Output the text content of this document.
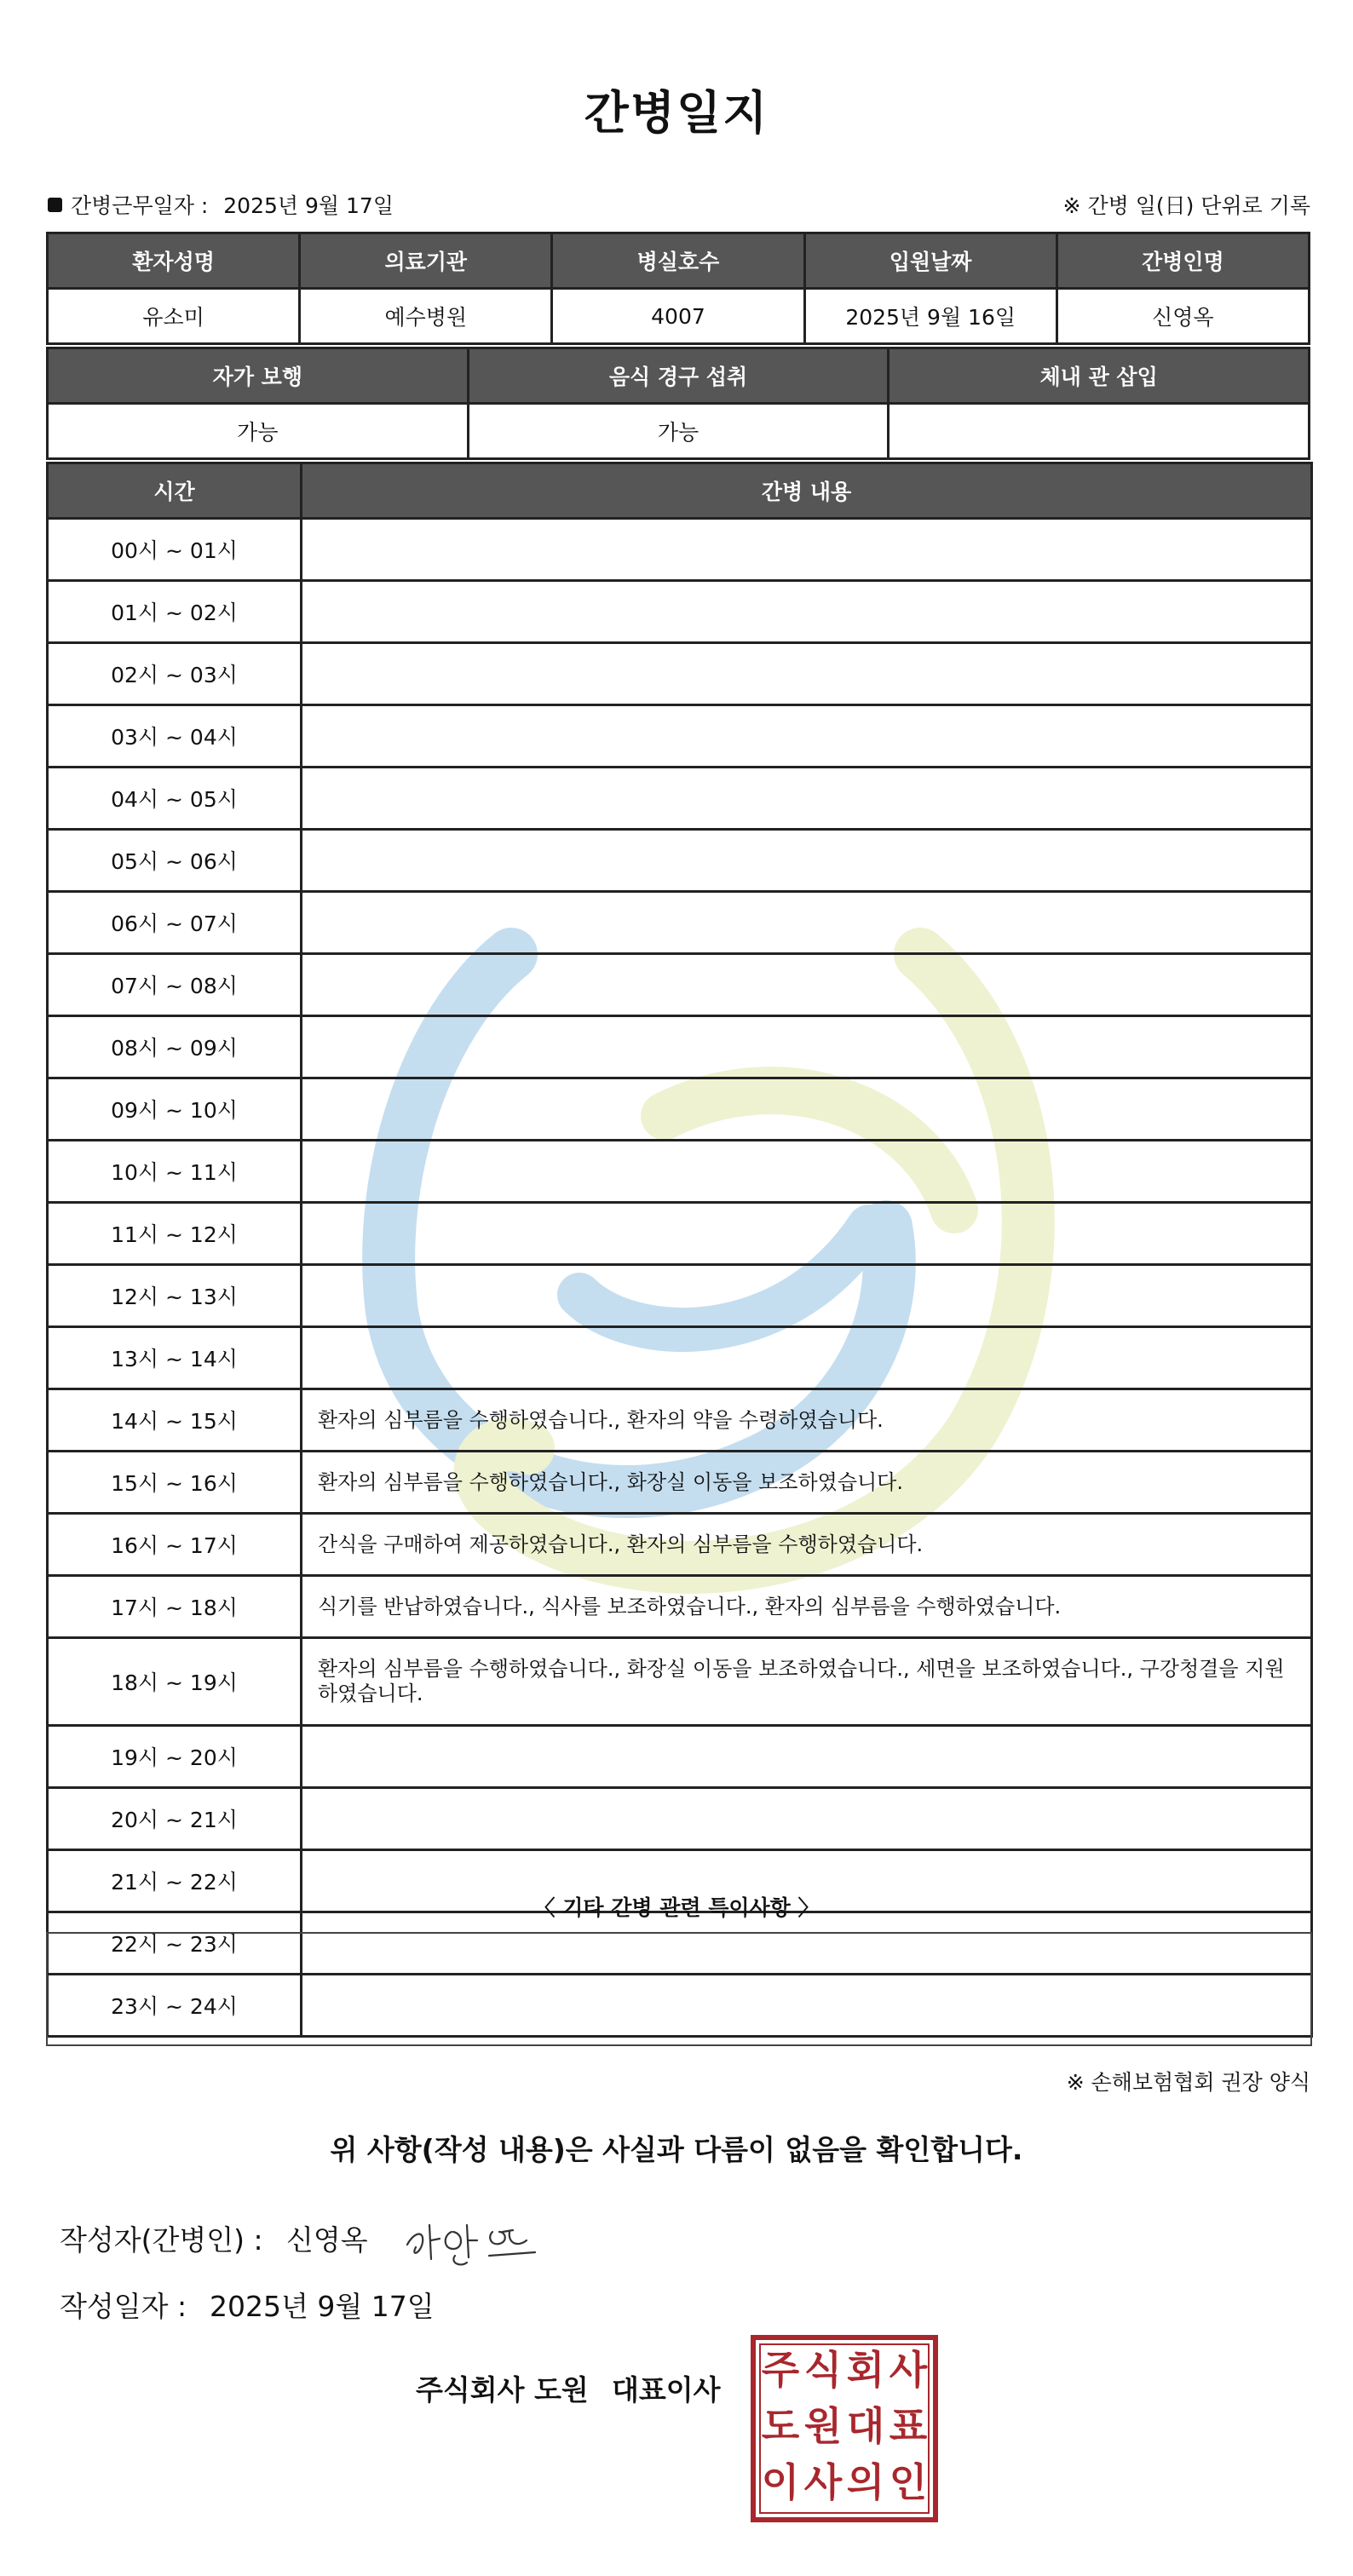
간병일지
간병근무일자 : 2025년 9월 17일	※ 간병 일(日) 단위로 기록
환자성명	의료기관	병실호수	입원날짜	간병인명
유소미	예수병원	4007	2025년 9월 16일	신영옥
자가 보행	음식 경구 섭취	체내 관 삽입
가능	가능	
시간	간병 내용
00시 ~ 01시	
01시 ~ 02시	
02시 ~ 03시	
03시 ~ 04시	
04시 ~ 05시	
05시 ~ 06시	
06시 ~ 07시	
07시 ~ 08시	
08시 ~ 09시	
09시 ~ 10시	
10시 ~ 11시	
11시 ~ 12시	
12시 ~ 13시	
13시 ~ 14시	
14시 ~ 15시	환자의 심부름을 수행하였습니다., 환자의 약을 수령하였습니다.
15시 ~ 16시	환자의 심부름을 수행하였습니다., 화장실 이동을 보조하였습니다.
16시 ~ 17시	간식을 구매하여 제공하였습니다., 환자의 심부름을 수행하였습니다.
17시 ~ 18시	식기를 반납하였습니다., 식사를 보조하였습니다., 환자의 심부름을 수행하였습니다.
18시 ~ 19시	환자의 심부름을 수행하였습니다., 화장실 이동을 보조하였습니다., 세면을 보조하였습니다., 구강청결을 지원하였습니다.
19시 ~ 20시	
20시 ~ 21시	
21시 ~ 22시	
22시 ~ 23시	
23시 ~ 24시	
〈 기타 간병 관련 특이사항 〉
※ 손해보험협회 권장 양식
위 사항(작성 내용)은 사실과 다름이 없음을 확인합니다.
작성자(간병인) : 신영옥
작성일자 : 2025년 9월 17일
주식회사 도원 대표이사 주 식 회 사
도 원 대 표
이 사 의 인
